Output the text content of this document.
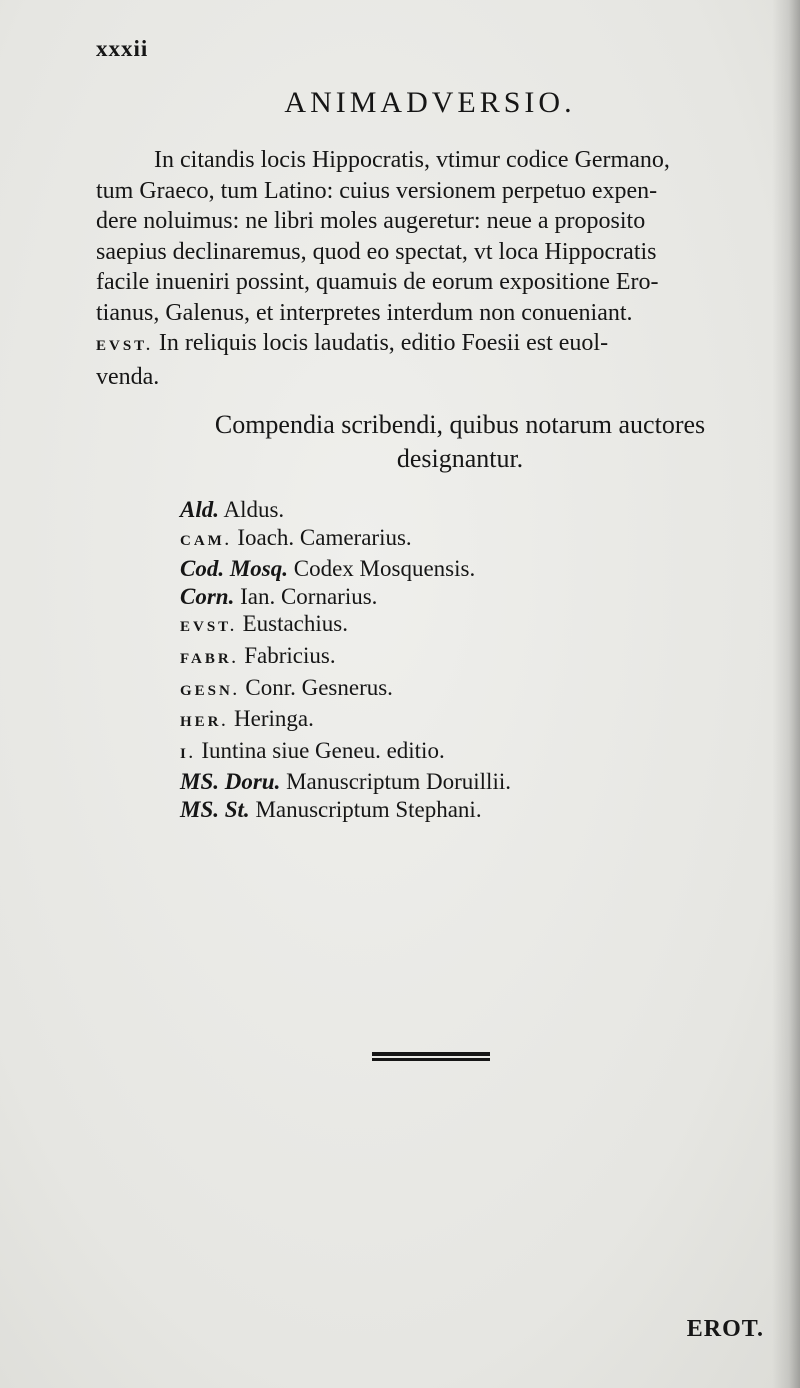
xxxii
ANIMADVERSIO.
In citandis locis Hippocratis, vtimur codice Germano,
tum Graeco, tum Latino: cuius versionem perpetuo expen-
dere noluimus: ne libri moles augeretur: neue a proposito
saepius declinaremus, quod eo spectat, vt loca Hippocratis
facile inueniri possint, quamuis de eorum expositione Ero-
tianus, Galenus, et interpretes interdum non conueniant.
EVST. In reliquis locis laudatis, editio Foesii est euol-
venda.
Compendia scribendi, quibus notarum auctores
designantur.
Ald. Aldus.
CAM. Ioach. Camerarius.
Cod. Mosq. Codex Mosquensis.
Corn. Ian. Cornarius.
EVST. Eustachius.
FABR. Fabricius.
GESN. Conr. Gesnerus.
HER. Heringa.
I. Iuntina siue Geneu. editio.
MS. Doru. Manuscriptum Doruillii.
MS. St. Manuscriptum Stephani.
EROT.
